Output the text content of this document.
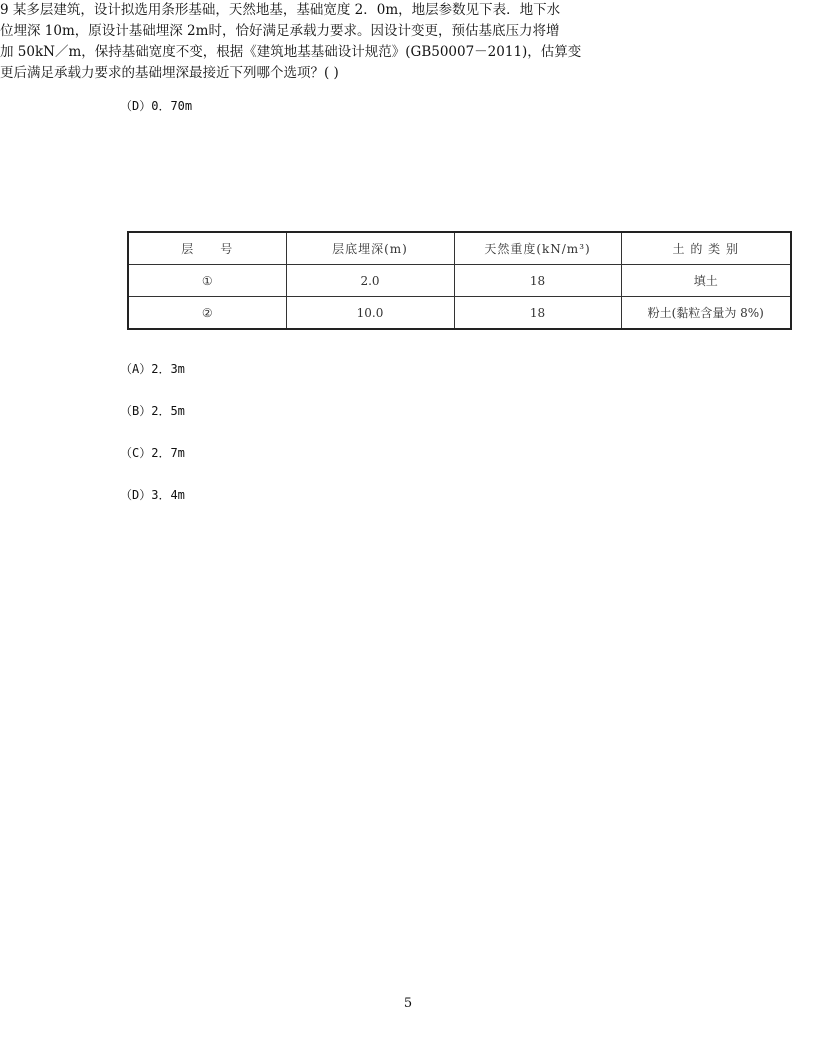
（D）0．70m
9 某多层建筑，设计拟选用条形基础，天然地基，基础宽度 2．0m，地层参数见下表．地下水
位埋深 10m，原设计基础埋深 2m时，恰好满足承载力要求。因设计变更，预估基底压力将增
加 50kN／m，保持基础宽度不变，根据《建筑地基基础设计规范》(GB50007－2011)，估算变
更后满足承载力要求的基础埋深最接近下列哪个选项？( )
层　　号	层底埋深(m)	天然重度(kN/m³)	土 的 类 别
①	2.0	18	填土
②	10.0	18	粉土(黏粒含量为 8%)
（A）2．3m
（B）2．5m
（C）2．7m
（D）3．4m
5
